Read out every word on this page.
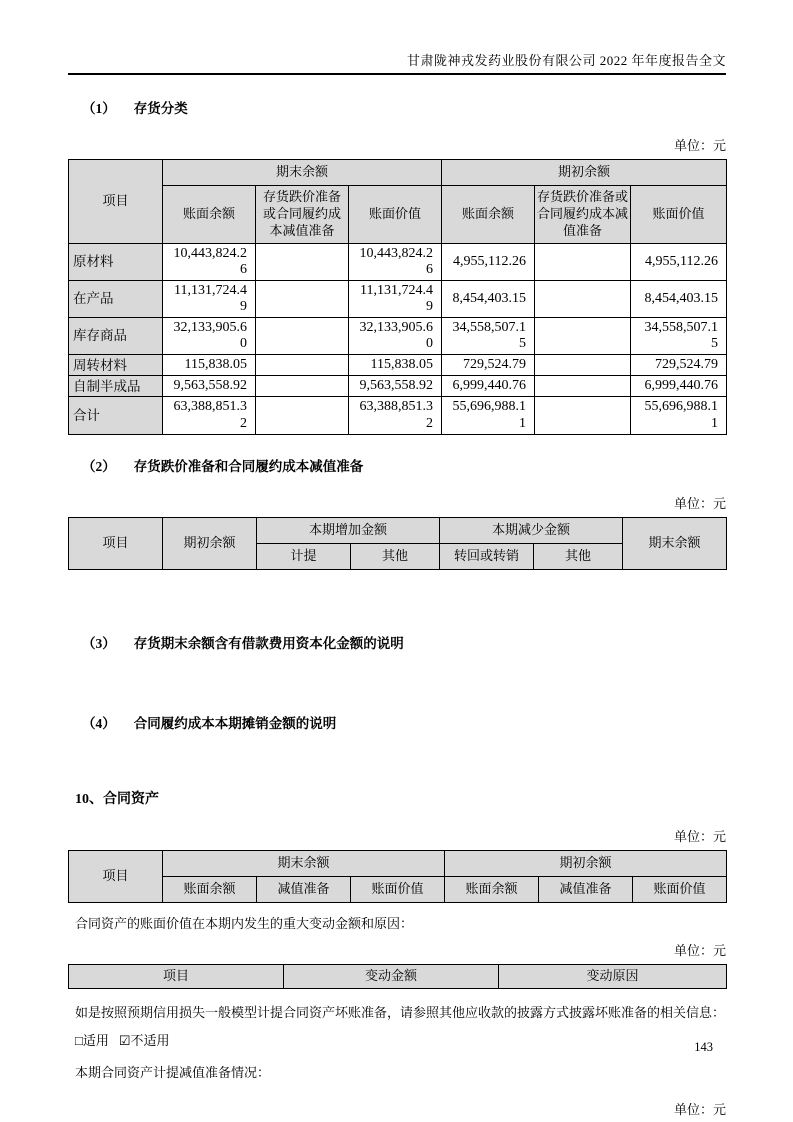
甘肃陇神戎发药业股份有限公司 2022 年年度报告全文
（1） 存货分类
单位：元
项目	期末余额			期初余额		
	账面余额	存货跌价准备或合同履约成本减值准备	账面价值	账面余额	存货跌价准备或合同履约成本减值准备	账面价值
原材料	10,443,824.26		10,443,824.26	4,955,112.26		4,955,112.26
在产品	11,131,724.49		11,131,724.49	8,454,403.15		8,454,403.15
库存商品	32,133,905.60		32,133,905.60	34,558,507.15		34,558,507.15
周转材料	115,838.05		115,838.05	729,524.79		729,524.79
自制半成品	9,563,558.92		9,563,558.92	6,999,440.76		6,999,440.76
合计	63,388,851.32		63,388,851.32	55,696,988.11		55,696,988.11
（2） 存货跌价准备和合同履约成本减值准备
单位：元
项目	期初余额	本期增加金额		本期减少金额		期末余额
		计提	其他	转回或转销	其他	
（3） 存货期末余额含有借款费用资本化金额的说明
（4） 合同履约成本本期摊销金额的说明
10、合同资产
单位：元
项目	期末余额			期初余额		
	账面余额	减值准备	账面价值	账面余额	减值准备	账面价值
合同资产的账面价值在本期内发生的重大变动金额和原因：
单位：元
项目	变动金额	变动原因
如是按照预期信用损失一般模型计提合同资产坏账准备，请参照其他应收款的披露方式披露坏账准备的相关信息：
□适用 ☑不适用
本期合同资产计提减值准备情况：
单位：元
143
